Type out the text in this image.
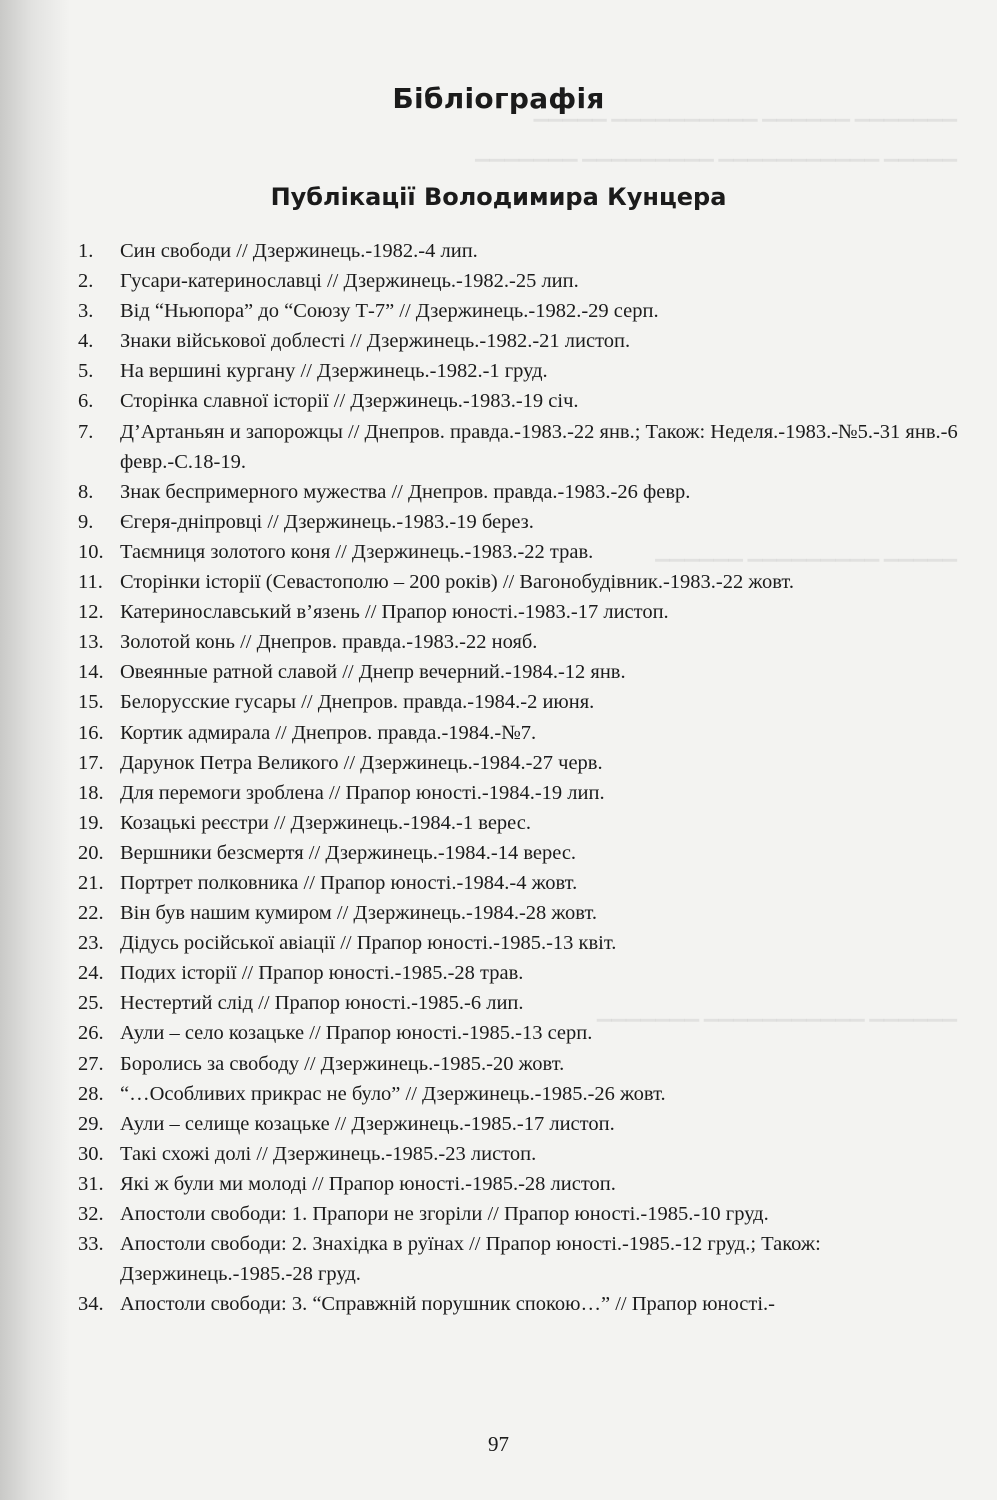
▁▁▁▁▁ ▁▁▁▁▁▁▁▁▁▁ ▁▁▁▁▁▁ ▁▁▁▁▁▁▁
▁▁▁▁▁▁▁ ▁▁▁▁▁▁▁▁▁ ▁▁▁▁▁▁▁▁▁▁▁ ▁▁▁▁▁
▁▁▁▁▁▁ ▁▁▁▁▁▁▁▁▁ ▁▁▁▁▁
▁▁▁▁▁▁▁ ▁▁▁▁▁▁▁▁▁▁▁ ▁▁▁▁▁▁
Бібліографія
Публікації Володимира Кунцера
1.	Син свободи // Дзержинець.-1982.-4 лип.
2.	Гусари-катеринославці // Дзержинець.-1982.-25 лип.
3.	Від “Ньюпора” до “Союзу Т-7” // Дзержинець.-1982.-29 серп.
4.	Знаки військової доблесті // Дзержинець.-1982.-21 листоп.
5.	На вершині кургану // Дзержинець.-1982.-1 груд.
6.	Сторінка славної історії // Дзержинець.-1983.-19 січ.
7.	Д’Артаньян и запорожцы // Днепров. правда.-1983.-22 янв.; Також: Неделя.-1983.-№5.-31 янв.-6 февр.-С.18-19.
8.	Знак беспримерного мужества // Днепров. правда.-1983.-26 февр.
9.	Єгеря-дніпровці // Дзержинець.-1983.-19 берез.
10. Таємниця золотого коня // Дзержинець.-1983.-22 трав.
11. Сторінки історії (Севастополю – 200 років) // Вагонобудівник.-1983.-22 жовт.
12. Катеринославський в’язень // Прапор юності.-1983.-17 листоп.
13. Золотой конь // Днепров. правда.-1983.-22 нояб.
14. Овеянные ратной славой // Днепр вечерний.-1984.-12 янв.
15. Белорусские гусары // Днепров. правда.-1984.-2 июня.
16. Кортик адмирала // Днепров. правда.-1984.-№7.
17. Дарунок Петра Великого // Дзержинець.-1984.-27 черв.
18. Для перемоги зроблена // Прапор юності.-1984.-19 лип.
19. Козацькі реєстри // Дзержинець.-1984.-1 верес.
20. Вершники безсмертя // Дзержинець.-1984.-14 верес.
21. Портрет полковника // Прапор юності.-1984.-4 жовт.
22. Він був нашим кумиром // Дзержинець.-1984.-28 жовт.
23. Дідусь російської авіації // Прапор юності.-1985.-13 квіт.
24. Подих історії // Прапор юності.-1985.-28 трав.
25. Нестертий слід // Прапор юності.-1985.-6 лип.
26. Аули – село козацьке // Прапор юності.-1985.-13 серп.
27. Боролись за свободу // Дзержинець.-1985.-20 жовт.
28. “…Особливих прикрас не було” // Дзержинець.-1985.-26 жовт.
29. Аули – селище козацьке // Дзержинець.-1985.-17 листоп.
30. Такі схожі долі // Дзержинець.-1985.-23 листоп.
31. Які ж були ми молоді // Прапор юності.-1985.-28 листоп.
32. Апостоли свободи: 1. Прапори не згоріли // Прапор юності.-1985.-10 груд.
33. Апостоли свободи: 2. Знахідка в руїнах // Прапор юності.-1985.-12 груд.; Також: Дзержинець.-1985.-28 груд.
34. Апостоли свободи: 3. “Справжній порушник спокою…” // Прапор юності.-
97
